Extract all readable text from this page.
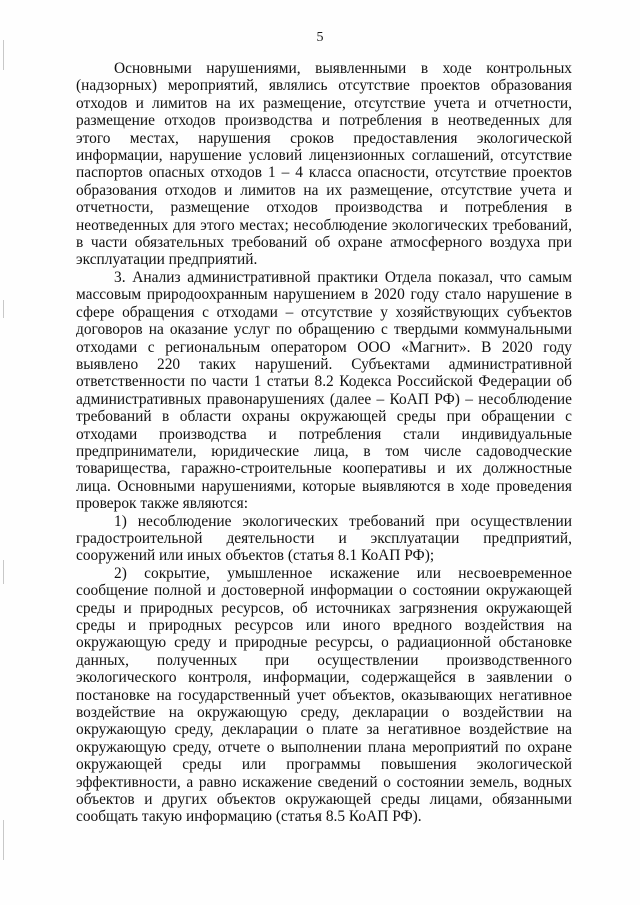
5

Основными нарушениями, выявленными в ходе контрольных (надзорных) мероприятий, являлись отсутствие проектов образования отходов и лимитов на их размещение, отсутствие учета и отчетности, размещение отходов производства и потребления в неотведенных для этого местах, нарушения сроков предоставления экологической информации, нарушение условий лицензионных соглашений, отсутствие паспортов опасных отходов 1 – 4 класса опасности, отсутствие проектов образования отходов и лимитов на их размещение, отсутствие учета и отчетности, размещение отходов производства и потребления в неотведенных для этого местах; несоблюдение экологических требований, в части обязательных требований об охране атмосферного воздуха при эксплуатации предприятий.

3. Анализ административной практики Отдела показал, что самым массовым природоохранным нарушением в 2020 году стало нарушение в сфере обращения с отходами – отсутствие у хозяйствующих субъектов договоров на оказание услуг по обращению с твердыми коммунальными отходами с региональным оператором ООО «Магнит». В 2020 году выявлено 220 таких нарушений. Субъектами административной ответственности по части 1 статьи 8.2 Кодекса Российской Федерации об административных правонарушениях (далее – КоАП РФ) – несоблюдение требований в области охраны окружающей среды при обращении с отходами производства и потребления стали индивидуальные предприниматели, юридические лица, в том числе садоводческие товарищества, гаражно-строительные кооперативы и их должностные лица. Основными нарушениями, которые выявляются в ходе проведения проверок также являются:

1) несоблюдение экологических требований при осуществлении градостроительной деятельности и эксплуатации предприятий, сооружений или иных объектов (статья 8.1 КоАП РФ);

2) сокрытие, умышленное искажение или несвоевременное сообщение полной и достоверной информации о состоянии окружающей среды и природных ресурсов, об источниках загрязнения окружающей среды и природных ресурсов или иного вредного воздействия на окружающую среду и природные ресурсы, о радиационной обстановке данных, полученных при осуществлении производственного экологического контроля, информации, содержащейся в заявлении о постановке на государственный учет объектов, оказывающих негативное воздействие на окружающую среду, декларации о воздействии на окружающую среду, декларации о плате за негативное воздействие на окружающую среду, отчете о выполнении плана мероприятий по охране окружающей среды или программы повышения экологической эффективности, а равно искажение сведений о состоянии земель, водных объектов и других объектов окружающей среды лицами, обязанными сообщать такую информацию (статья 8.5 КоАП РФ).
